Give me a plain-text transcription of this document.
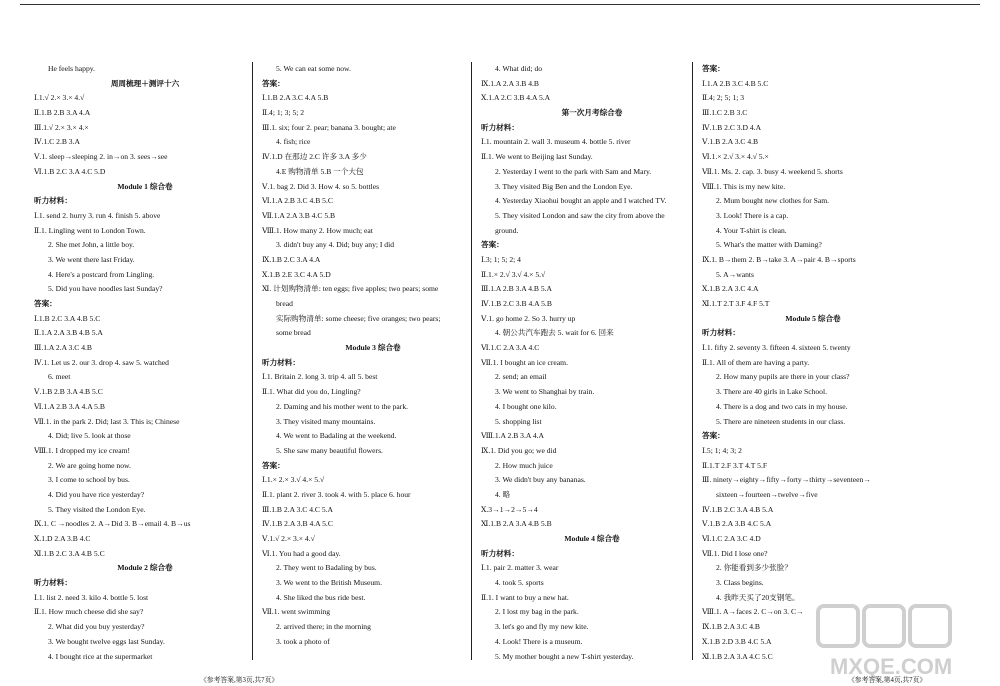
He feels happy.
周周梳理＋测评十六
Ⅰ.1.√ 2.× 3.× 4.√
Ⅱ.1.B 2.B 3.A 4.A
Ⅲ.1.√ 2.× 3.× 4.×
Ⅳ.1.C 2.B 3.A
Ⅴ.1. sleep→sleeping 2. in→on 3. sees→see
Ⅵ.1.B 2.C 3.A 4.C 5.D
Module 1 综合卷
听力材料：
Ⅰ.1. send 2. hurry 3. run 4. finish 5. above
Ⅱ.1. Lingling went to London Town.
2. She met John, a little boy.
3. We went there last Friday.
4. Here's a postcard from Lingling.
5. Did you have noodles last Sunday?
答案：
Ⅰ.1.B 2.C 3.A 4.B 5.C
Ⅱ.1.A 2.A 3.B 4.B 5.A
Ⅲ.1.A 2.A 3.C 4.B
Ⅳ.1. Let us 2. our 3. drop 4. saw 5. watched
6. meet
Ⅴ.1.B 2.B 3.A 4.B 5.C
Ⅵ.1.A 2.B 3.A 4.A 5.B
Ⅶ.1. in the park 2. Did; last 3. This is; Chinese
4. Did; live 5. look at those
Ⅷ.1. I dropped my ice cream!
2. We are going home now.
3. I come to school by bus.
4. Did you have rice yesterday?
5. They visited the London Eye.
Ⅸ.1. C →noodles 2. A→Did 3. B→email 4. B→us
Ⅹ.1.D 2.A 3.B 4.C
Ⅺ.1.B 2.C 3.A 4.B 5.C
Module 2 综合卷
听力材料：
Ⅰ.1. list 2. need 3. kilo 4. bottle 5. lost
Ⅱ.1. How much cheese did she say?
2. What did you buy yesterday?
3. We bought twelve eggs last Sunday.
4. I bought rice at the supermarket
5. We can eat some now.
答案：
Ⅰ.1.B 2.A 3.C 4.A 5.B
Ⅱ.4; 1; 3; 5; 2
Ⅲ.1. six; four 2. pear; banana 3. bought; ate
4. fish; rice
Ⅳ.1.D 在那边 2.C 许多 3.A 多少
4.E 购物清单 5.B 一个大包
Ⅴ.1. bag 2. Did 3. How 4. so 5. bottles
Ⅵ.1.A 2.B 3.C 4.B 5.C
Ⅶ.1.A 2.A 3.B 4.C 5.B
Ⅷ.1. How many 2. How much; eat
3. didn't buy any 4. Did; buy any; I did
Ⅸ.1.B 2.C 3.A 4.A
Ⅹ.1.B 2.E 3.C 4.A 5.D
Ⅺ. 计划购物清单: ten eggs; five apples; two pears; some
bread
实际购物清单: some cheese; five oranges; two pears;
some bread
Module 3 综合卷
听力材料：
Ⅰ.1. Britain 2. long 3. trip 4. all 5. best
Ⅱ.1. What did you do, Lingling?
2. Daming and his mother went to the park.
3. They visited many mountains.
4. We went to Badaling at the weekend.
5. She saw many beautiful flowers.
答案：
Ⅰ.1.× 2.× 3.√ 4.× 5.√
Ⅱ.1. plant 2. river 3. took 4. with 5. place 6. hour
Ⅲ.1.B 2.A 3.C 4.C 5.A
Ⅳ.1.B 2.A 3.B 4.A 5.C
Ⅴ.1.√ 2.× 3.× 4.√
Ⅵ.1. You had a good day.
2. They went to Badaling by bus.
3. We went to the British Museum.
4. She liked the bus ride best.
Ⅶ.1. went swimming
2. arrived there; in the morning
3. took a photo of
4. What did; do
Ⅸ.1.A 2.A 3.B 4.B
Ⅹ.1.A 2.C 3.B 4.A 5.A
第一次月考综合卷
听力材料：
Ⅰ.1. mountain 2. wall 3. museum 4. bottle 5. river
Ⅱ.1. We went to Beijing last Sunday.
2. Yesterday I went to the park with Sam and Mary.
3. They visited Big Ben and the London Eye.
4. Yesterday Xiaohui bought an apple and I watched TV.
5. They visited London and saw the city from above the
ground.
答案：
Ⅰ.3; 1; 5; 2; 4
Ⅱ.1.× 2.√ 3.√ 4.× 5.√
Ⅲ.1.A 2.B 3.A 4.B 5.A
Ⅳ.1.B 2.C 3.B 4.A 5.B
Ⅴ.1. go home 2. So 3. hurry up
4. 朝公共汽车跑去 5. wait for 6. 回来
Ⅵ.1.C 2.A 3.A 4.C
Ⅶ.1. I bought an ice cream.
2. send; an email
3. We went to Shanghai by train.
4. I bought one kilo.
5. shopping list
Ⅷ.1.A 2.B 3.A 4.A
Ⅸ.1. Did you go; we did
2. How much juice
3. We didn't buy any bananas.
4. 略
Ⅹ.3→1→2→5→4
Ⅺ.1.B 2.A 3.A 4.B 5.B
Module 4 综合卷
听力材料：
Ⅰ.1. pair 2. matter 3. wear
4. took 5. sports
Ⅱ.1. I want to buy a new hat.
2. I lost my bag in the park.
3. let's go and fly my new kite.
4. Look! There is a museum.
5. My mother bought a new T-shirt yesterday.
答案：
Ⅰ.1.A 2.B 3.C 4.B 5.C
Ⅱ.4; 2; 5; 1; 3
Ⅲ.1.C 2.B 3.C
Ⅳ.1.B 2.C 3.D 4.A
Ⅴ.1.B 2.A 3.C 4.B
Ⅵ.1.× 2.√ 3.× 4.√ 5.×
Ⅶ.1. Ms. 2. cap. 3. busy 4. weekend 5. shorts
Ⅷ.1. This is my new kite.
2. Mum bought new clothes for Sam.
3. Look! There is a cap.
4. Your T-shirt is clean.
5. What's the matter with Daming?
Ⅸ.1. B→them 2. B→take 3. A→pair 4. B→sports
5. A→wants
Ⅹ.1.B 2.A 3.C 4.A
Ⅺ.1.T 2.T 3.F 4.F 5.T
Module 5 综合卷
听力材料：
Ⅰ.1. fifty 2. seventy 3. fifteen 4. sixteen 5. twenty
Ⅱ.1. All of them are having a party.
2. How many pupils are there in your class?
3. There are 40 girls in Lake School.
4. There is a dog and two cats in my house.
5. There are nineteen students in our class.
答案：
Ⅰ.5; 1; 4; 3; 2
Ⅱ.1.T 2.F 3.T 4.T 5.F
Ⅲ. ninety→eighty→fifty→forty→thirty→seventeen→
sixteen→fourteen→twelve→five
Ⅳ.1.B 2.C 3.A 4.B 5.A
Ⅴ.1.B 2.A 3.B 4.C 5.A
Ⅵ.1.C 2.A 3.C 4.D
Ⅶ.1. Did I lose one?
2. 你能看到多少张脸？
3. Class begins.
4. 我昨天买了20支钢笔。
Ⅷ.1. A→faces 2. C→on 3. C→
Ⅸ.1.B 2.A 3.C 4.B
Ⅹ.1.B 2.D 3.B 4.C 5.A
Ⅺ.1.B 2.A 3.A 4.C 5.C
《参考答案,第3页,共7页》	《参考答案,第4页,共7页》
MXQE.COM
